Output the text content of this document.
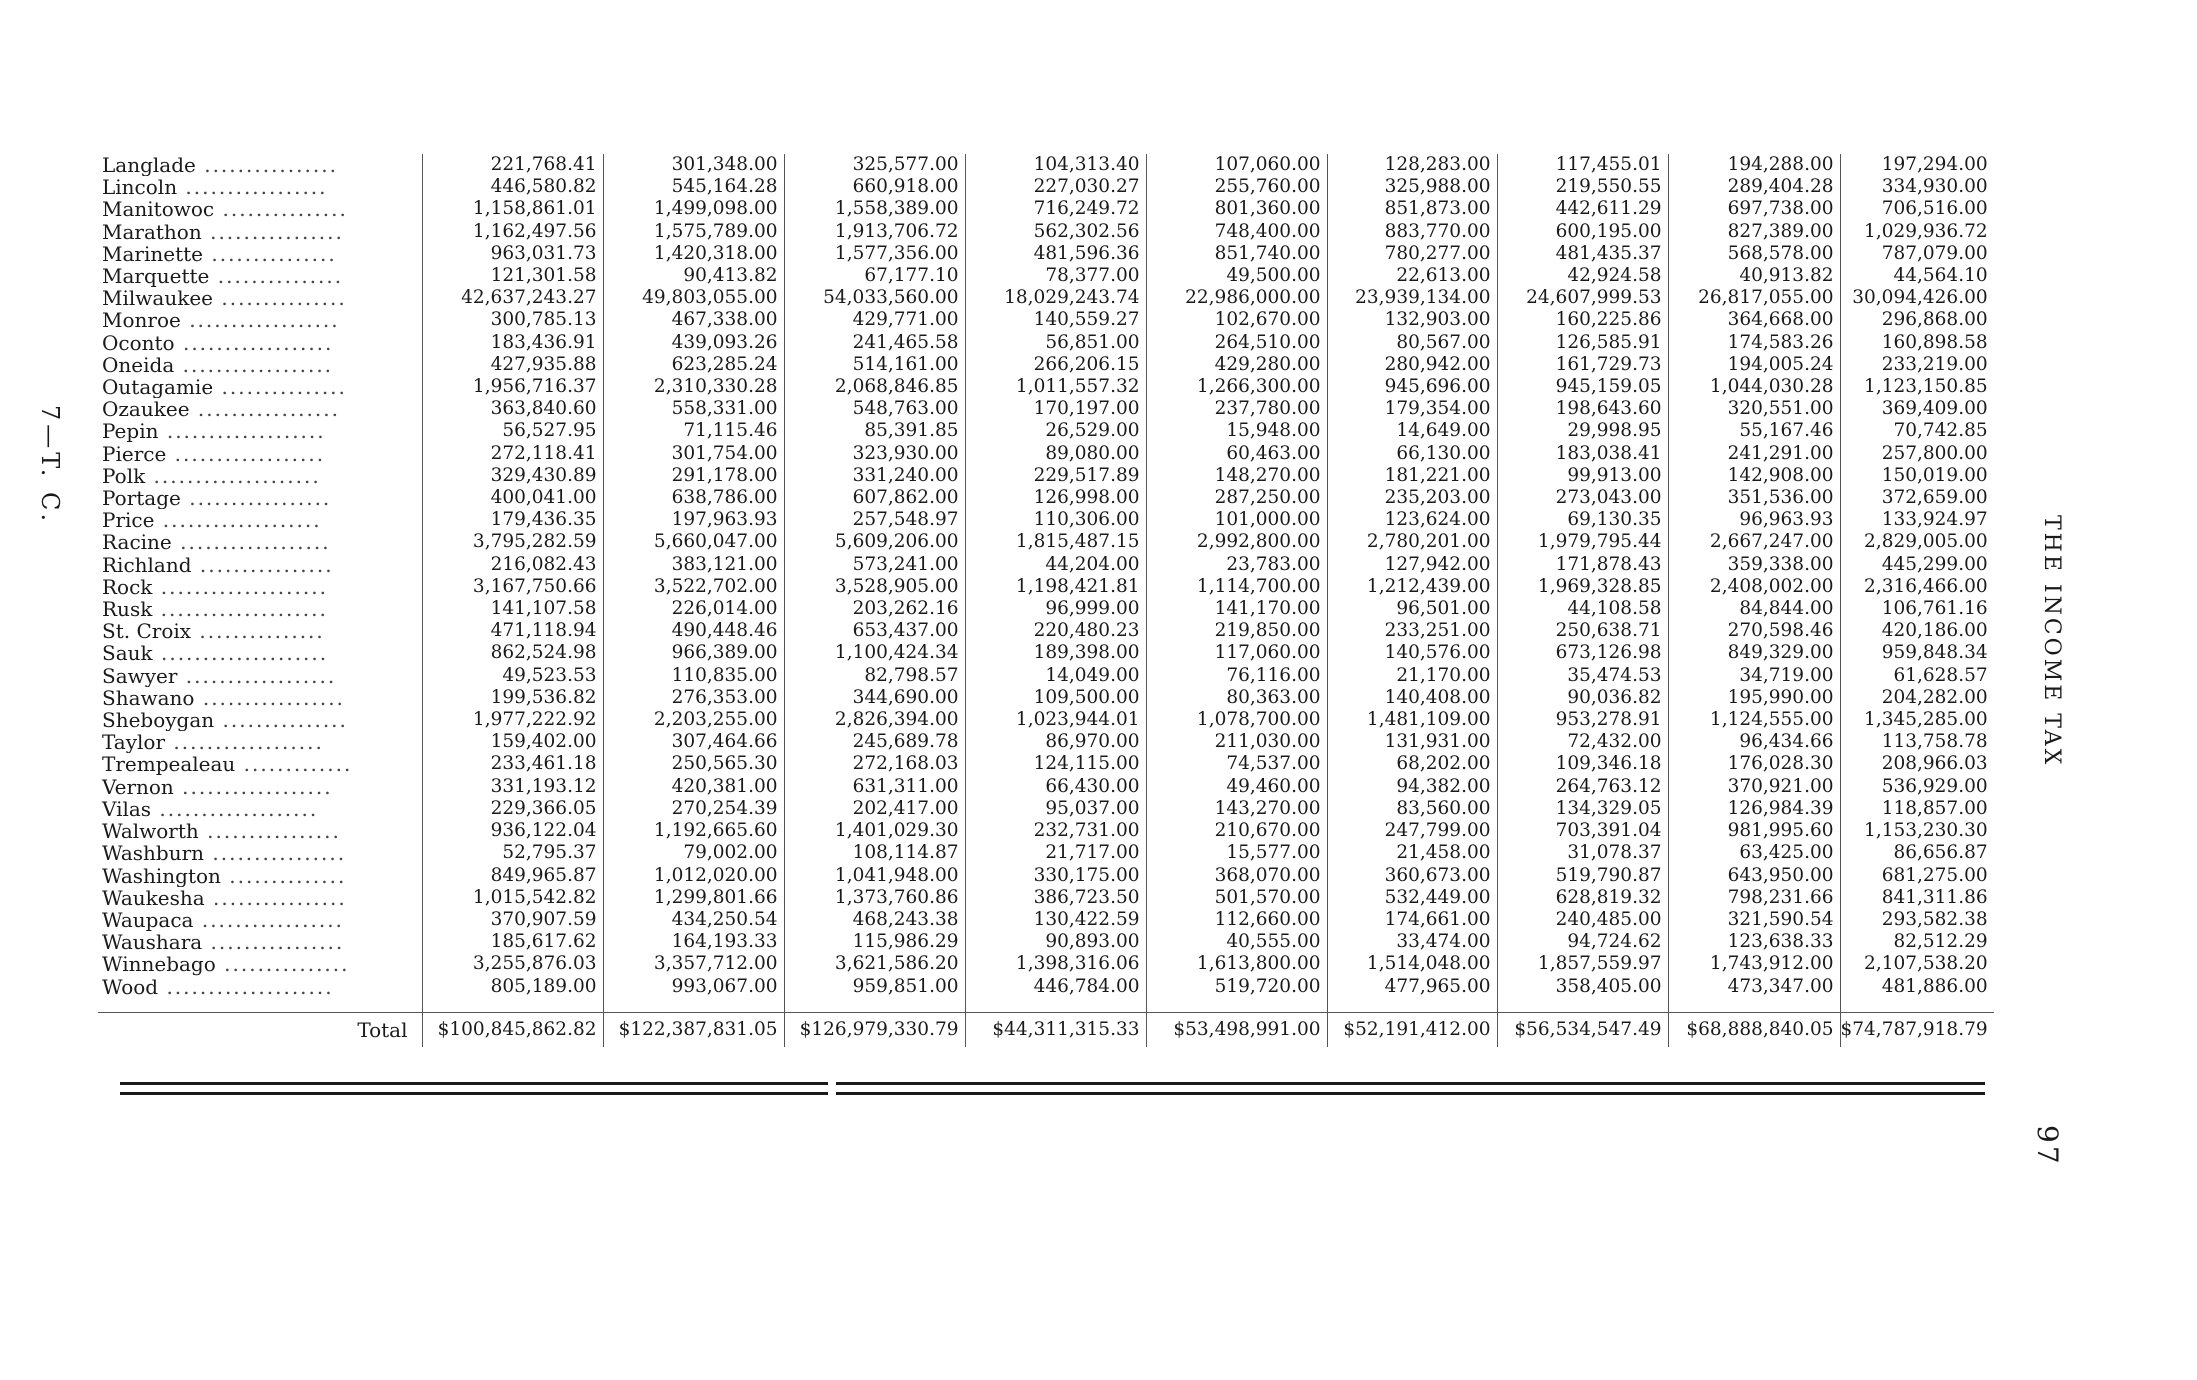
7—T. C.
THE INCOME TAX
97
Langlade ................	221,768.41	301,348.00	325,577.00	104,313.40	107,060.00	128,283.00	117,455.01	194,288.00	197,294.00
Lincoln .................	446,580.82	545,164.28	660,918.00	227,030.27	255,760.00	325,988.00	219,550.55	289,404.28	334,930.00
Manitowoc ...............	1,158,861.01	1,499,098.00	1,558,389.00	716,249.72	801,360.00	851,873.00	442,611.29	697,738.00	706,516.00
Marathon ................	1,162,497.56	1,575,789.00	1,913,706.72	562,302.56	748,400.00	883,770.00	600,195.00	827,389.00	1,029,936.72
Marinette ...............	963,031.73	1,420,318.00	1,577,356.00	481,596.36	851,740.00	780,277.00	481,435.37	568,578.00	787,079.00
Marquette ...............	121,301.58	90,413.82	67,177.10	78,377.00	49,500.00	22,613.00	42,924.58	40,913.82	44,564.10
Milwaukee ...............	42,637,243.27	49,803,055.00	54,033,560.00	18,029,243.74	22,986,000.00	23,939,134.00	24,607,999.53	26,817,055.00	30,094,426.00
Monroe ..................	300,785.13	467,338.00	429,771.00	140,559.27	102,670.00	132,903.00	160,225.86	364,668.00	296,868.00
Oconto ..................	183,436.91	439,093.26	241,465.58	56,851.00	264,510.00	80,567.00	126,585.91	174,583.26	160,898.58
Oneida ..................	427,935.88	623,285.24	514,161.00	266,206.15	429,280.00	280,942.00	161,729.73	194,005.24	233,219.00
Outagamie ...............	1,956,716.37	2,310,330.28	2,068,846.85	1,011,557.32	1,266,300.00	945,696.00	945,159.05	1,044,030.28	1,123,150.85
Ozaukee .................	363,840.60	558,331.00	548,763.00	170,197.00	237,780.00	179,354.00	198,643.60	320,551.00	369,409.00
Pepin ...................	56,527.95	71,115.46	85,391.85	26,529.00	15,948.00	14,649.00	29,998.95	55,167.46	70,742.85
Pierce ..................	272,118.41	301,754.00	323,930.00	89,080.00	60,463.00	66,130.00	183,038.41	241,291.00	257,800.00
Polk ....................	329,430.89	291,178.00	331,240.00	229,517.89	148,270.00	181,221.00	99,913.00	142,908.00	150,019.00
Portage .................	400,041.00	638,786.00	607,862.00	126,998.00	287,250.00	235,203.00	273,043.00	351,536.00	372,659.00
Price ...................	179,436.35	197,963.93	257,548.97	110,306.00	101,000.00	123,624.00	69,130.35	96,963.93	133,924.97
Racine ..................	3,795,282.59	5,660,047.00	5,609,206.00	1,815,487.15	2,992,800.00	2,780,201.00	1,979,795.44	2,667,247.00	2,829,005.00
Richland ................	216,082.43	383,121.00	573,241.00	44,204.00	23,783.00	127,942.00	171,878.43	359,338.00	445,299.00
Rock ....................	3,167,750.66	3,522,702.00	3,528,905.00	1,198,421.81	1,114,700.00	1,212,439.00	1,969,328.85	2,408,002.00	2,316,466.00
Rusk ....................	141,107.58	226,014.00	203,262.16	96,999.00	141,170.00	96,501.00	44,108.58	84,844.00	106,761.16
St. Croix ...............	471,118.94	490,448.46	653,437.00	220,480.23	219,850.00	233,251.00	250,638.71	270,598.46	420,186.00
Sauk ....................	862,524.98	966,389.00	1,100,424.34	189,398.00	117,060.00	140,576.00	673,126.98	849,329.00	959,848.34
Sawyer ..................	49,523.53	110,835.00	82,798.57	14,049.00	76,116.00	21,170.00	35,474.53	34,719.00	61,628.57
Shawano .................	199,536.82	276,353.00	344,690.00	109,500.00	80,363.00	140,408.00	90,036.82	195,990.00	204,282.00
Sheboygan ...............	1,977,222.92	2,203,255.00	2,826,394.00	1,023,944.01	1,078,700.00	1,481,109.00	953,278.91	1,124,555.00	1,345,285.00
Taylor ..................	159,402.00	307,464.66	245,689.78	86,970.00	211,030.00	131,931.00	72,432.00	96,434.66	113,758.78
Trempealeau .............	233,461.18	250,565.30	272,168.03	124,115.00	74,537.00	68,202.00	109,346.18	176,028.30	208,966.03
Vernon ..................	331,193.12	420,381.00	631,311.00	66,430.00	49,460.00	94,382.00	264,763.12	370,921.00	536,929.00
Vilas ...................	229,366.05	270,254.39	202,417.00	95,037.00	143,270.00	83,560.00	134,329.05	126,984.39	118,857.00
Walworth ................	936,122.04	1,192,665.60	1,401,029.30	232,731.00	210,670.00	247,799.00	703,391.04	981,995.60	1,153,230.30
Washburn ................	52,795.37	79,002.00	108,114.87	21,717.00	15,577.00	21,458.00	31,078.37	63,425.00	86,656.87
Washington ..............	849,965.87	1,012,020.00	1,041,948.00	330,175.00	368,070.00	360,673.00	519,790.87	643,950.00	681,275.00
Waukesha ................	1,015,542.82	1,299,801.66	1,373,760.86	386,723.50	501,570.00	532,449.00	628,819.32	798,231.66	841,311.86
Waupaca .................	370,907.59	434,250.54	468,243.38	130,422.59	112,660.00	174,661.00	240,485.00	321,590.54	293,582.38
Waushara ................	185,617.62	164,193.33	115,986.29	90,893.00	40,555.00	33,474.00	94,724.62	123,638.33	82,512.29
Winnebago ...............	3,255,876.03	3,357,712.00	3,621,586.20	1,398,316.06	1,613,800.00	1,514,048.00	1,857,559.97	1,743,912.00	2,107,538.20
Wood ....................	805,189.00	993,067.00	959,851.00	446,784.00	519,720.00	477,965.00	358,405.00	473,347.00	481,886.00

Total	$100,845,862.82	$122,387,831.05	$126,979,330.79	$44,311,315.33	$53,498,991.00	$52,191,412.00	$56,534,547.49	$68,888,840.05	$74,787,918.79
